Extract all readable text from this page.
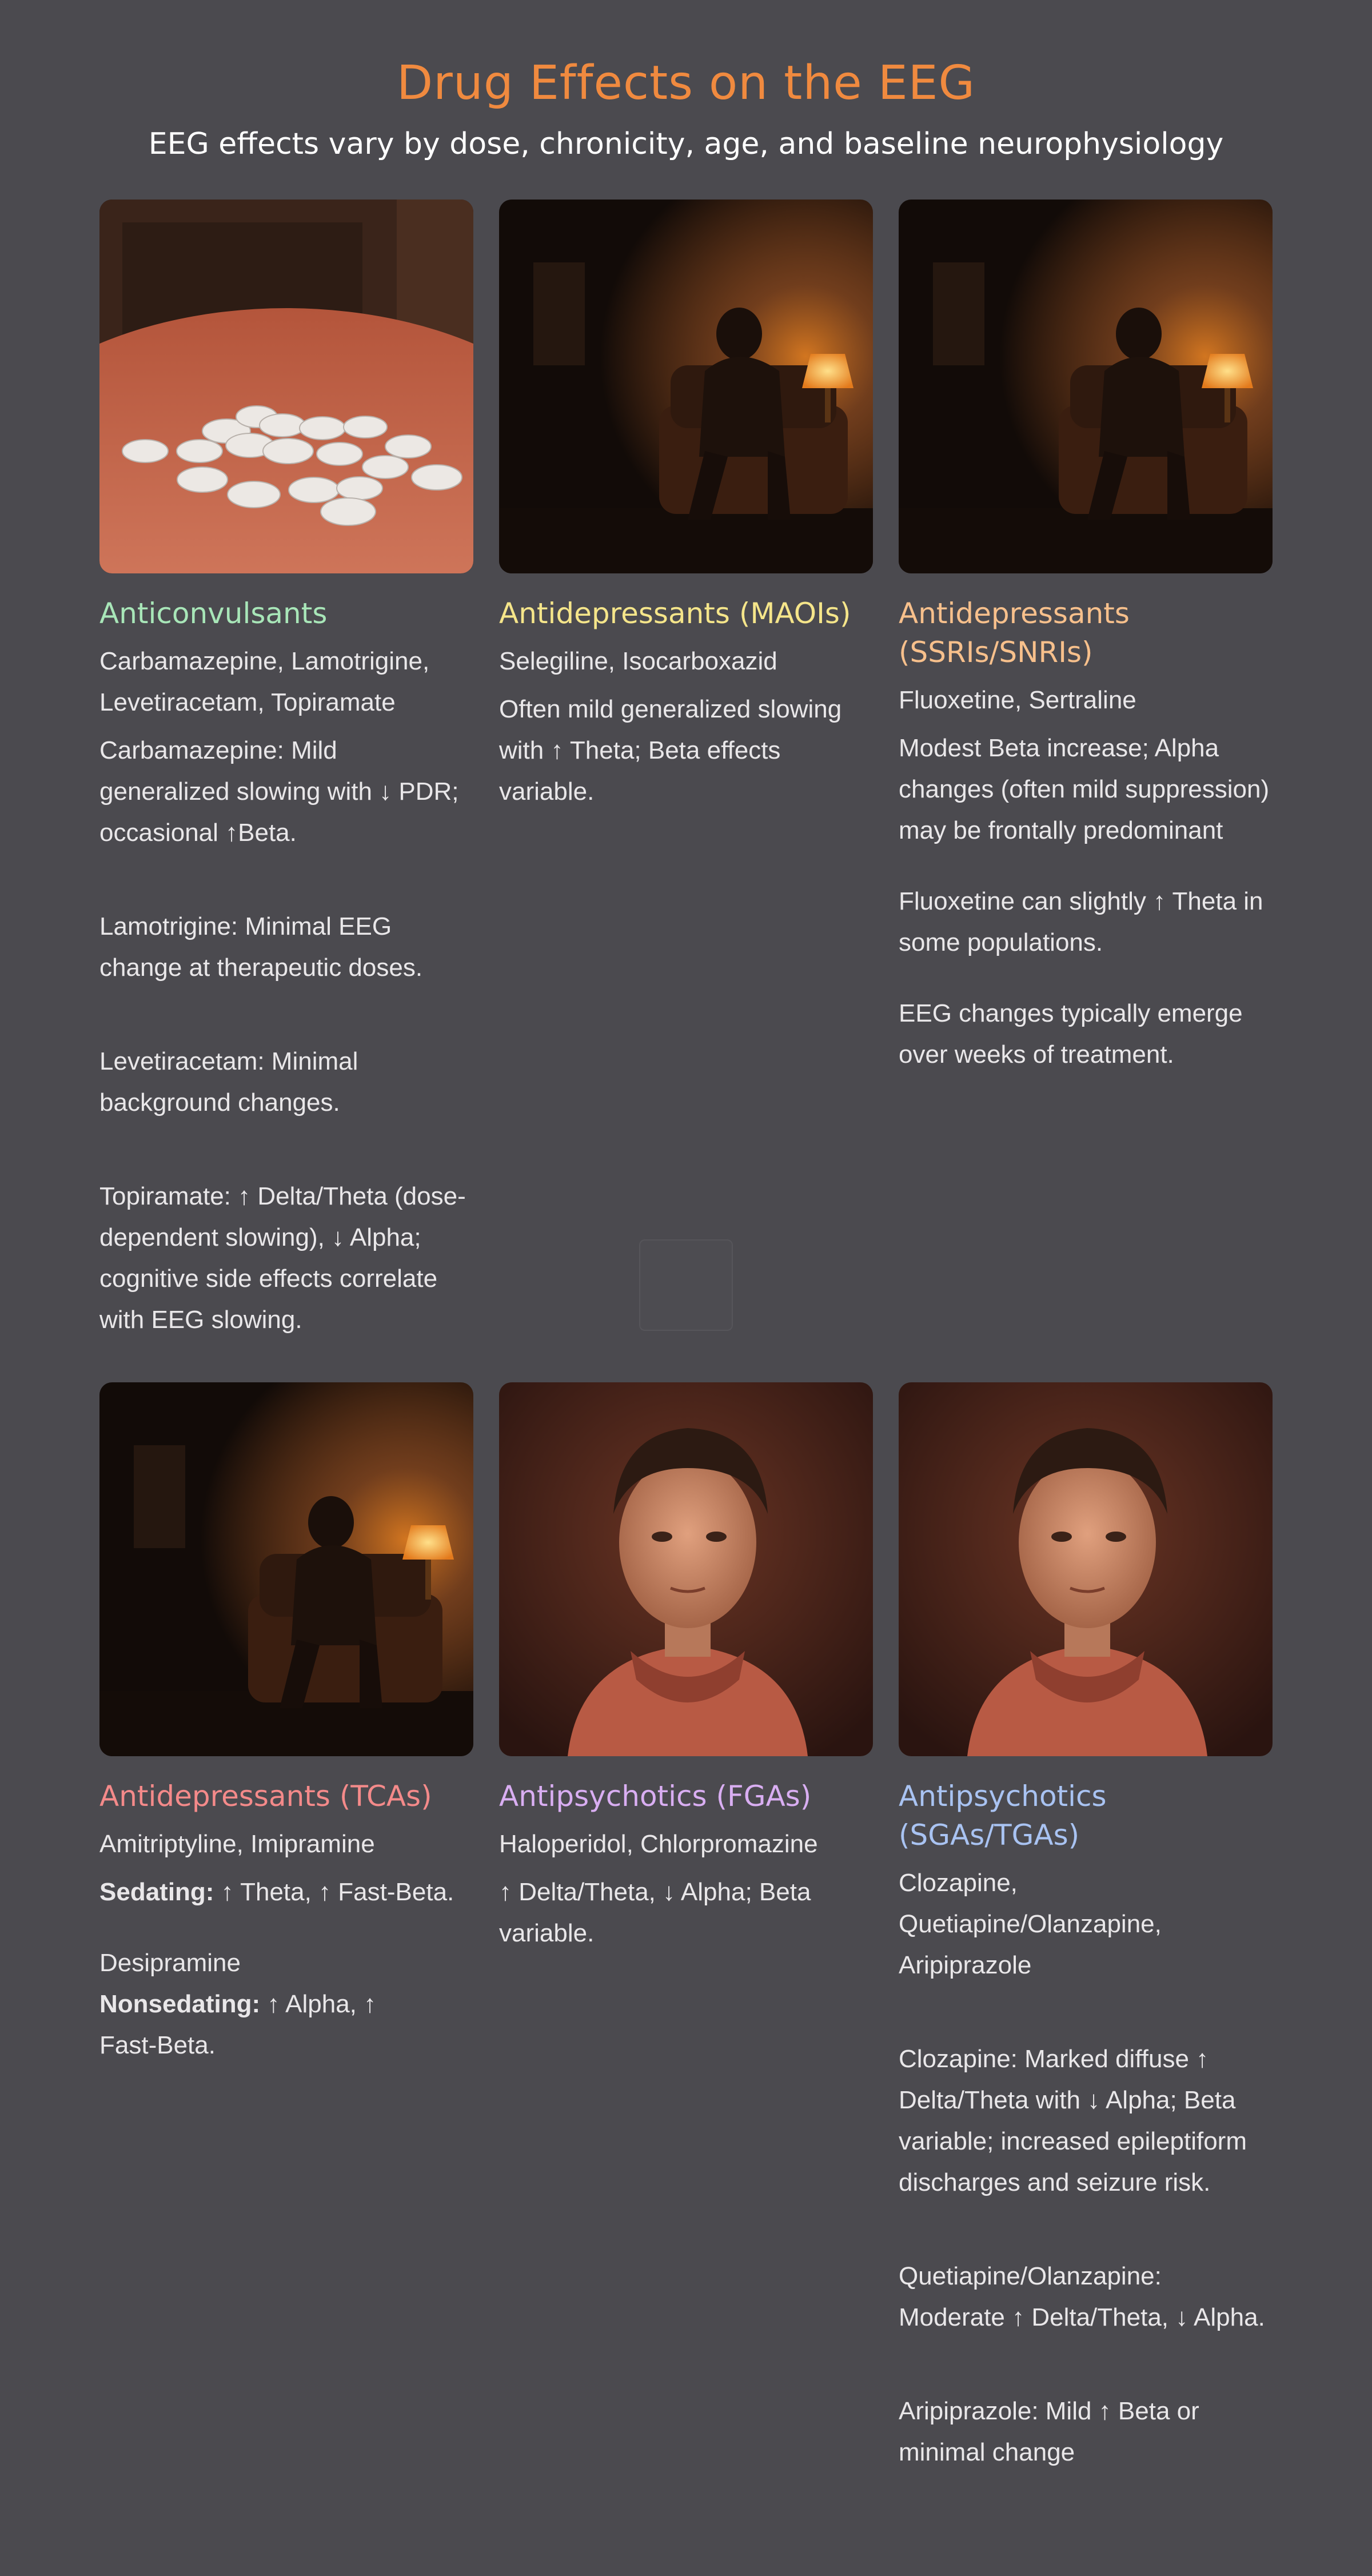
Drug Effects on the EEG
EEG effects vary by dose, chronicity, age, and baseline neurophysiology
Anticonvulsants
Carbamazepine, Lamotrigine, Levetiracetam, Topiramate

Carbamazepine: Mild generalized slowing with ↓ PDR; occasional ↑Beta.

Lamotrigine: Minimal EEG change at therapeutic doses.

Levetiracetam: Minimal background changes.

Topiramate: ↑ Delta/Theta (dose-dependent slowing), ↓ Alpha; cognitive side effects correlate with EEG slowing.

Antidepressants (MAOIs)
Selegiline, Isocarboxazid

Often mild generalized slowing with ↑ Theta; Beta effects variable.

Antidepressants (SSRIs/SNRIs)
Fluoxetine, Sertraline

Modest Beta increase; Alpha changes (often mild suppression) may be frontally predominant

Fluoxetine can slightly ↑ Theta in some populations.

EEG changes typically emerge over weeks of treatment.

Antidepressants (TCAs)
Amitriptyline, Imipramine

Sedating: ↑ Theta, ↑ Fast-Beta.

Desipramine

Nonsedating: ↑ Alpha, ↑ Fast-Beta.

Antipsychotics (FGAs)
Haloperidol, Chlorpromazine

↑ Delta/Theta, ↓ Alpha; Beta variable.

Antipsychotics (SGAs/TGAs)
Clozapine, Quetiapine/Olanzapine, Aripiprazole

Clozapine: Marked diffuse ↑ Delta/Theta with ↓ Alpha; Beta variable; increased epileptiform discharges and seizure risk.

Quetiapine/Olanzapine: Moderate ↑ Delta/Theta, ↓ Alpha.

Aripiprazole: Mild ↑ Beta or minimal change
